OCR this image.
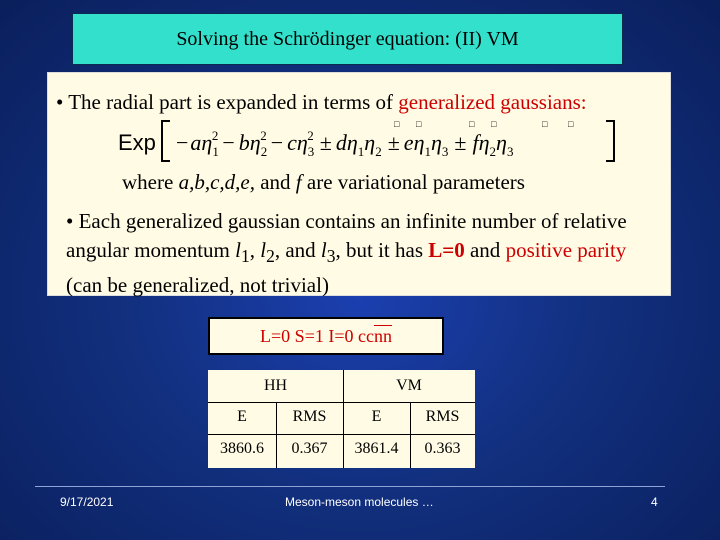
Solving the Schrödinger equation: (II) VM
• The radial part is expanded in terms of generalized gaussians:
Exp $-a\eta_12 - b\eta_22 - c\eta_32 \pm d\eta_1\eta_2 \pm e\eta_1\eta_3 \pm f\eta_2\eta_3$
□ □	□ □	□ □
where a,b,c,d,e, and f are variational parameters
• Each generalized gaussian contains an infinite number of relative angular momentum $l_1$, $l_2$, and $l_3$, but it has L=0 and positive parity (can be generalized, not trivial)
L=0 S=1 I=0 cc $\overline{nn}$
HH	VM
E	RMS	E	RMS
3860.6	0.367	3861.4	0.363
9/17/2021	Meson-meson molecules …	4
